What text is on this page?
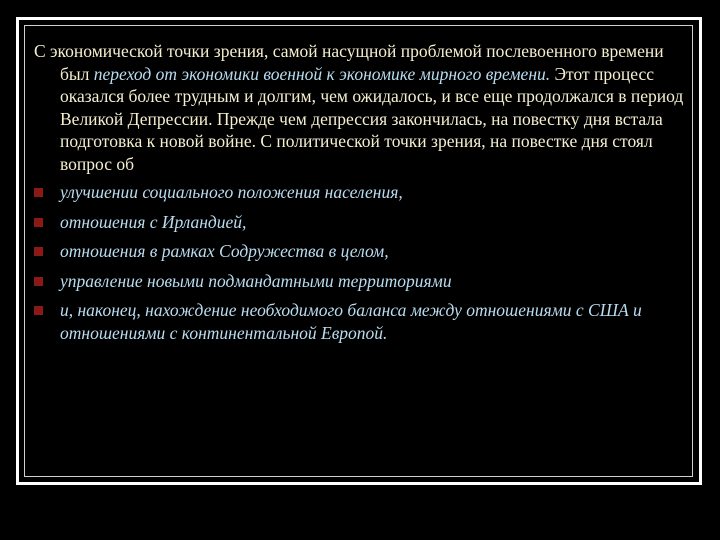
С экономической точки зрения, самой насущной проблемой послевоенного времени был переход от экономики военной к экономике мирного времени. Этот процесс оказался более трудным и долгим, чем ожидалось, и все еще продолжался в период Великой Депрессии. Прежде чем депрессия закончилась, на повестку дня встала подготовка к новой войне. С политической точки зрения, на повестке дня стоял вопрос об

улучшении социального положения населения,
отношения с Ирландией,
отношения в рамках Содружества в целом,
управление новыми подмандатными территориями
и, наконец, нахождение необходимого баланса между отношениями с США и отношениями с континентальной Европой.
